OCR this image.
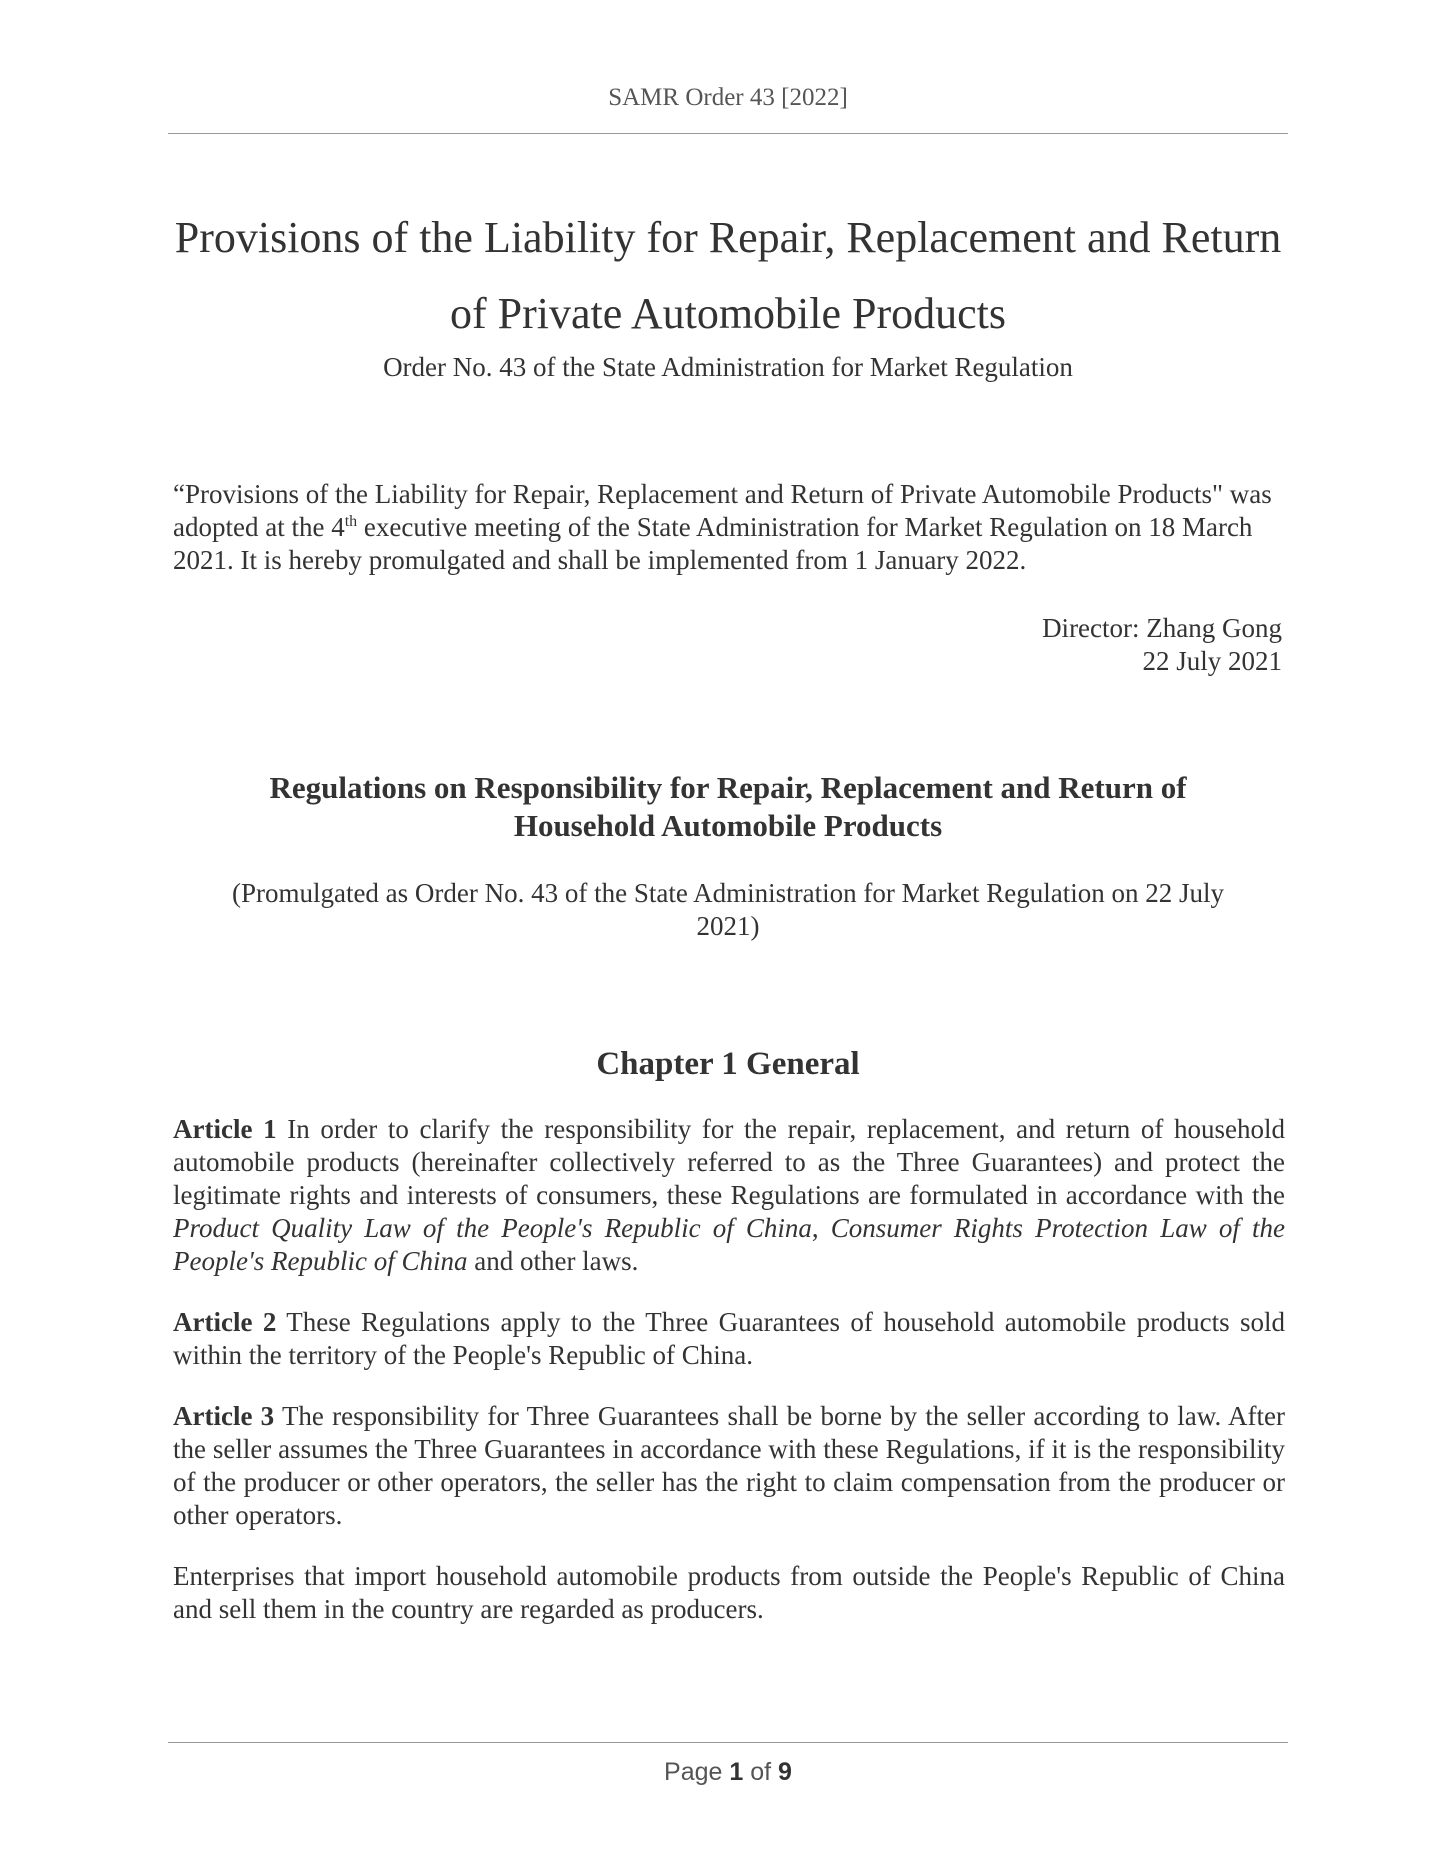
SAMR Order 43 [2022]
Provisions of the Liability for Repair, Replacement and Return
of Private Automobile Products
Order No. 43 of the State Administration for Market Regulation
“Provisions of the Liability for Repair, Replacement and Return of Private Automobile Products" was adopted at the 4th executive meeting of the State Administration for Market Regulation on 18 March 2021. It is hereby promulgated and shall be implemented from 1 January 2022.
Director: Zhang Gong
22 July 2021
Regulations on Responsibility for Repair, Replacement and Return of
Household Automobile Products
(Promulgated as Order No. 43 of the State Administration for Market Regulation on 22 July
2021)
Chapter 1 General
Article 1 In order to clarify the responsibility for the repair, replacement, and return of household automobile products (hereinafter collectively referred to as the Three Guarantees) and protect the legitimate rights and interests of consumers, these Regulations are formulated in accordance with the Product Quality Law of the People's Republic of China, Consumer Rights Protection Law of the People's Republic of China and other laws.
Article 2 These Regulations apply to the Three Guarantees of household automobile products sold within the territory of the People's Republic of China.
Article 3 The responsibility for Three Guarantees shall be borne by the seller according to law. After the seller assumes the Three Guarantees in accordance with these Regulations, if it is the responsibility of the producer or other operators, the seller has the right to claim compensation from the producer or other operators.
Enterprises that import household automobile products from outside the People's Republic of China and sell them in the country are regarded as producers.
Page 1 of 9
